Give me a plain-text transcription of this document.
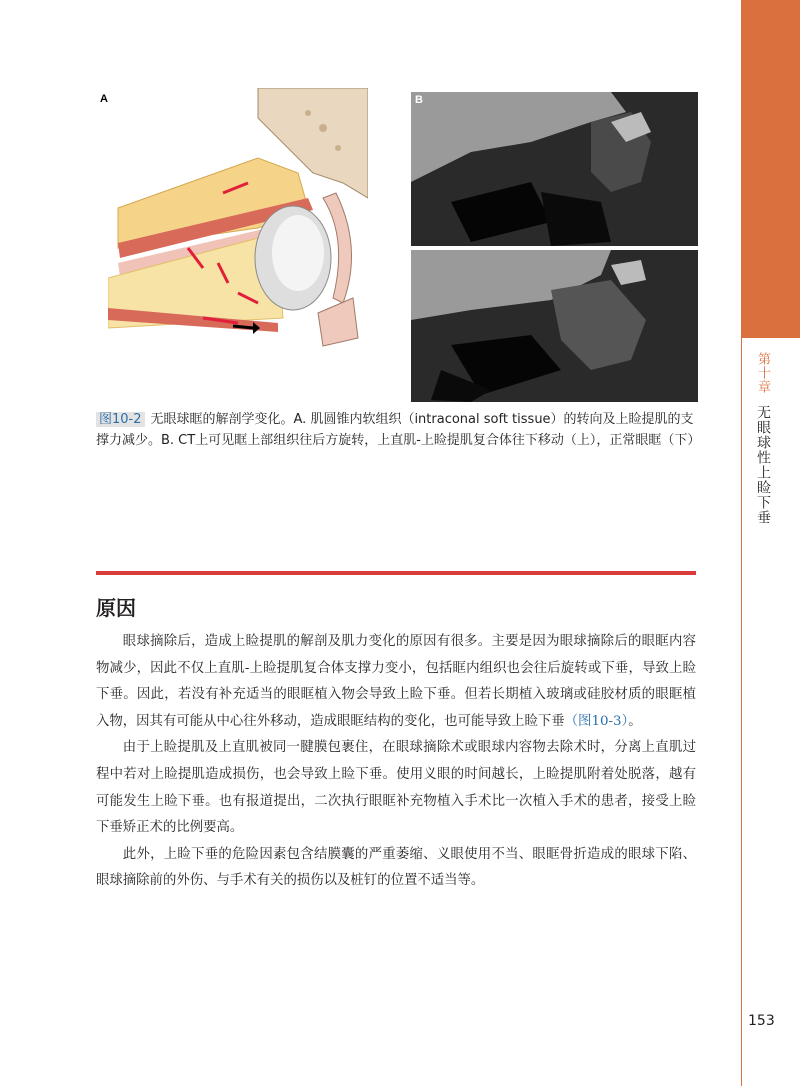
第十章
无眼球性上睑下垂
A	B
图10-2 无眼球眶的解剖学变化。A. 肌圆锥内软组织（intraconal soft tissue）的转向及上睑提肌的支撑力减少。B. CT上可见眶上部组织往后方旋转，上直肌-上睑提肌复合体往下移动（上），正常眼眶（下）
原因

眼球摘除后，造成上睑提肌的解剖及肌力变化的原因有很多。主要是因为眼球摘除后的眼眶内容物减少，因此不仅上直肌-上睑提肌复合体支撑力变小，包括眶内组织也会往后旋转或下垂，导致上睑下垂。因此，若没有补充适当的眼眶植入物会导致上睑下垂。但若长期植入玻璃或硅胶材质的眼眶植入物，因其有可能从中心往外移动，造成眼眶结构的变化，也可能导致上睑下垂（图10-3）。

由于上睑提肌及上直肌被同一腱膜包裹住，在眼球摘除术或眼球内容物去除术时，分离上直肌过程中若对上睑提肌造成损伤，也会导致上睑下垂。使用义眼的时间越长，上睑提肌附着处脱落，越有可能发生上睑下垂。也有报道提出，二次执行眼眶补充物植入手术比一次植入手术的患者，接受上睑下垂矫正术的比例要高。

此外，上睑下垂的危险因素包含结膜囊的严重萎缩、义眼使用不当、眼眶骨折造成的眼球下陷、眼球摘除前的外伤、与手术有关的损伤以及桩钉的位置不适当等。

153
